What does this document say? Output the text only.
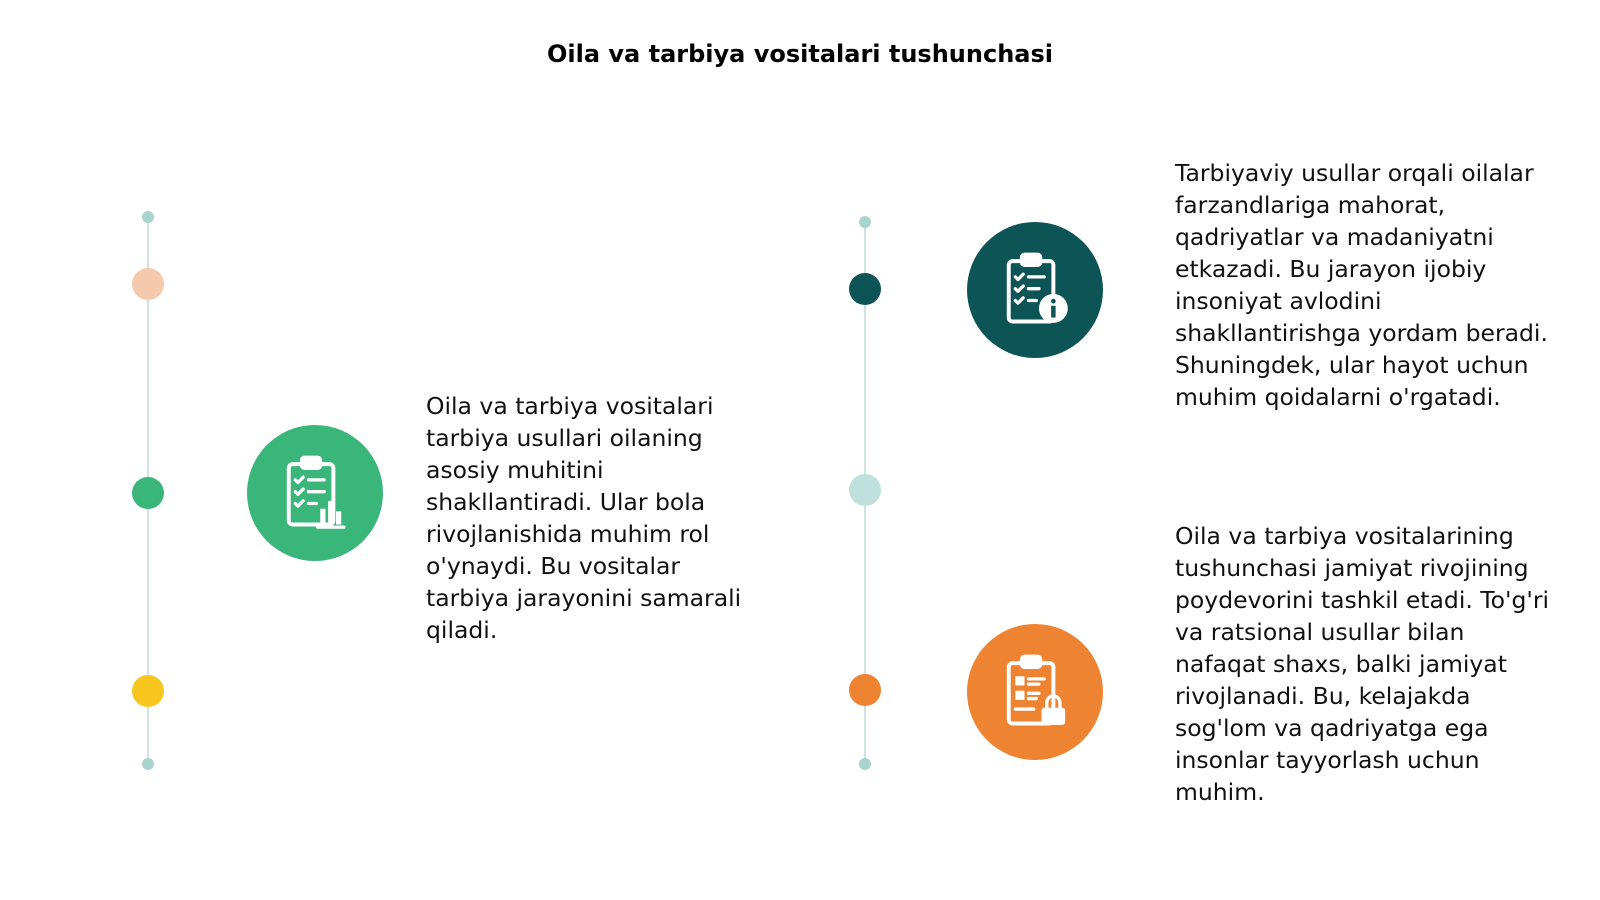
Oila va tarbiya vositalari tushunchasi

Oila va tarbiya vositalari tarbiya usullari oilaning asosiy muhitini shakllantiradi. Ular bola rivojlanishida muhim rol o'ynaydi. Bu vositalar tarbiya jarayonini samarali qiladi.

Tarbiyaviy usullar orqali oilalar farzandlariga mahorat, qadriyatlar va madaniyatni etkazadi. Bu jarayon ijobiy insoniyat avlodini shakllantirishga yordam beradi. Shuningdek, ular hayot uchun muhim qoidalarni o'rgatadi.

Oila va tarbiya vositalarining tushunchasi jamiyat rivojining poydevorini tashkil etadi. To'g'ri va ratsional usullar bilan nafaqat shaxs, balki jamiyat rivojlanadi. Bu, kelajakda sog'lom va qadriyatga ega insonlar tayyorlash uchun muhim.
